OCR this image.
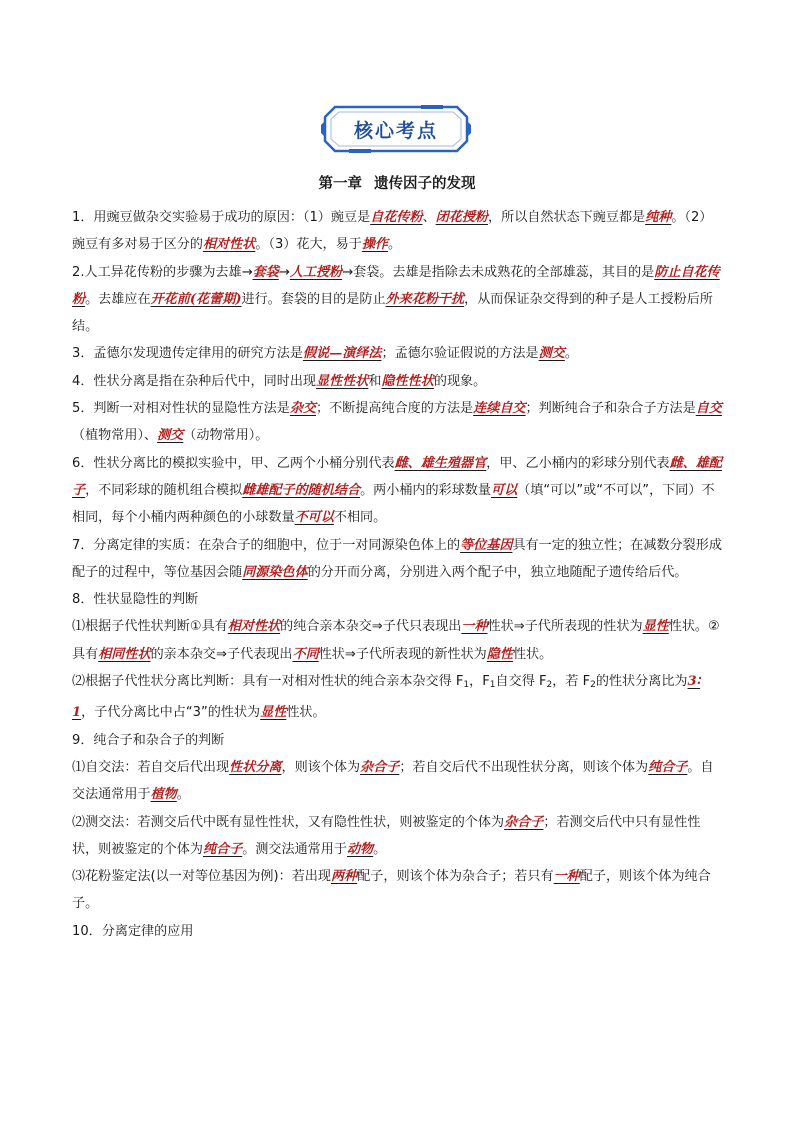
核心考点
第一章 遗传因子的发现

1．用豌豆做杂交实验易于成功的原因：（1）豌豆是自花传粉、闭花授粉，所以自然状态下豌豆都是纯种。（2）豌豆有多对易于区分的相对性状。（3）花大，易于操作。

2.人工异花传粉的步骤为去雄→套袋→人工授粉→套袋。去雄是指除去未成熟花的全部雄蕊，其目的是防止自花传粉。去雄应在开花前(花蕾期)进行。套袋的目的是防止外来花粉干扰，从而保证杂交得到的种子是人工授粉后所结。

3．孟德尔发现遗传定律用的研究方法是假说—演绎法；孟德尔验证假说的方法是测交。

4．性状分离是指在杂种后代中，同时出现显性性状和隐性性状的现象。

5．判断一对相对性状的显隐性方法是杂交；不断提高纯合度的方法是连续自交；判断纯合子和杂合子方法是自交（植物常用）、测交（动物常用）。

6．性状分离比的模拟实验中，甲、乙两个小桶分别代表雌、雄生殖器官，甲、乙小桶内的彩球分别代表雌、雄配子，不同彩球的随机组合模拟雌雄配子的随机结合。两小桶内的彩球数量可以（填“可以”或“不可以”，下同）不相同，每个小桶内两种颜色的小球数量不可以不相同。

7．分离定律的实质：在杂合子的细胞中，位于一对同源染色体上的等位基因具有一定的独立性；在减数分裂形成配子的过程中，等位基因会随同源染色体的分开而分离，分别进入两个配子中，独立地随配子遗传给后代。

8．性状显隐性的判断

⑴根据子代性状判断①具有相对性状的纯合亲本杂交⇒子代只表现出一种性状⇒子代所表现的性状为显性性状。②具有相同性状的亲本杂交⇒子代表现出不同性状⇒子代所表现的新性状为隐性性状。

⑵根据子代性状分离比判断：具有一对相对性状的纯合亲本杂交得 $F_1$，$F_1$自交得 $F_2$，若 $F_2$的性状分离比为3∶1，子代分离比中占“3”的性状为显性性状。

9．纯合子和杂合子的判断

⑴自交法：若自交后代出现性状分离，则该个体为杂合子；若自交后代不出现性状分离，则该个体为纯合子。自交法通常用于植物。

⑵测交法：若测交后代中既有显性性状，又有隐性性状，则被鉴定的个体为杂合子；若测交后代中只有显性性状，则被鉴定的个体为纯合子。测交法通常用于动物。

⑶花粉鉴定法(以一对等位基因为例)：若出现两种配子，则该个体为杂合子；若只有一种配子，则该个体为纯合子。

10．分离定律的应用
